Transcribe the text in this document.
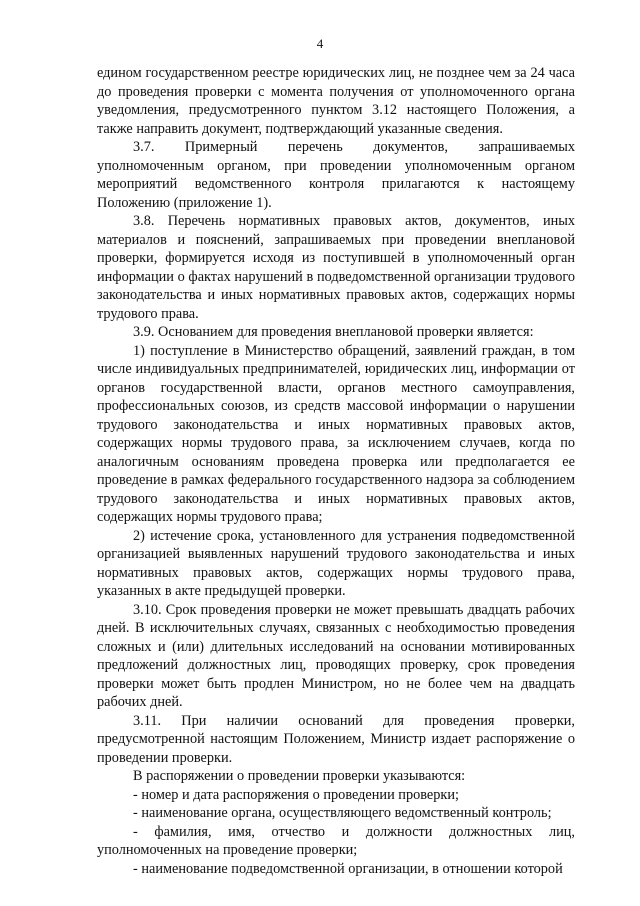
4

едином государственном реестре юридических лиц, не позднее чем за 24 часа до проведения проверки с момента получения от уполномоченного органа уведомления, предусмотренного пунктом 3.12 настоящего Положения, а также направить документ, подтверждающий указанные сведения.

3.7. Примерный перечень документов, запрашиваемых уполномоченным органом, при проведении уполномоченным органом мероприятий ведомственного контроля прилагаются к настоящему Положению (приложение 1).

3.8. Перечень нормативных правовых актов, документов, иных материалов и пояснений, запрашиваемых при проведении внеплановой проверки, формируется исходя из поступившей в уполномоченный орган информации о фактах нарушений в подведомственной организации трудового законодательства и иных нормативных правовых актов, содержащих нормы трудового права.

3.9. Основанием для проведения внеплановой проверки является:

1) поступление в Министерство обращений, заявлений граждан, в том числе индивидуальных предпринимателей, юридических лиц, информации от органов государственной власти, органов местного самоуправления, профессиональных союзов, из средств массовой информации о нарушении трудового законодательства и иных нормативных правовых актов, содержащих нормы трудового права, за исключением случаев, когда по аналогичным основаниям проведена проверка или предполагается ее проведение в рамках федерального государственного надзора за соблюдением трудового законодательства и иных нормативных правовых актов, содержащих нормы трудового права;

2) истечение срока, установленного для устранения подведомственной организацией выявленных нарушений трудового законодательства и иных нормативных правовых актов, содержащих нормы трудового права, указанных в акте предыдущей проверки.

3.10. Срок проведения проверки не может превышать двадцать рабочих дней. В исключительных случаях, связанных с необходимостью проведения сложных и (или) длительных исследований на основании мотивированных предложений должностных лиц, проводящих проверку, срок проведения проверки может быть продлен Министром, но не более чем на двадцать рабочих дней.

3.11. При наличии оснований для проведения проверки, предусмотренной настоящим Положением, Министр издает распоряжение о проведении проверки.

В распоряжении о проведении проверки указываются:

- номер и дата распоряжения о проведении проверки;

- наименование органа, осуществляющего ведомственный контроль;

- фамилия, имя, отчество и должности должностных лиц, уполномоченных на проведение проверки;

- наименование подведомственной организации, в отношении которой
